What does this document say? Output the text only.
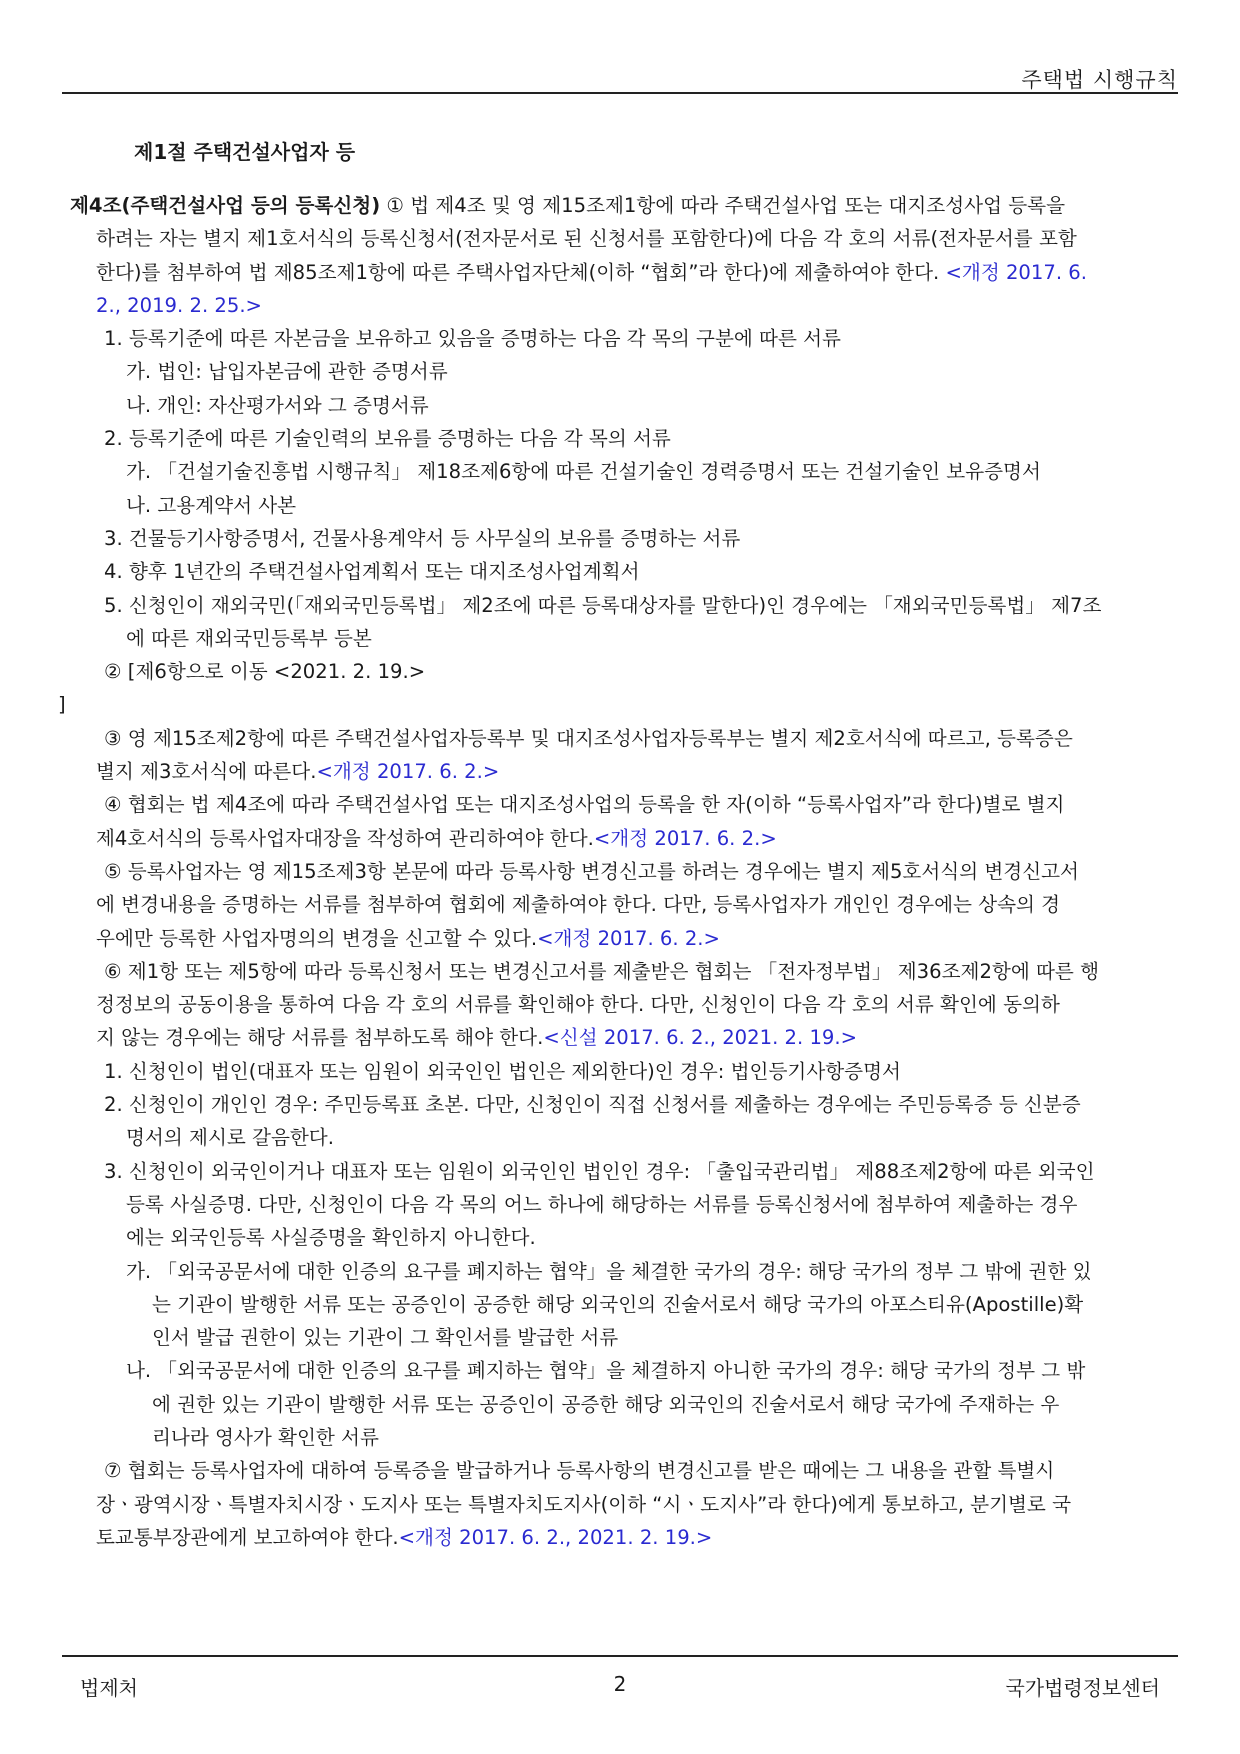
주택법 시행규칙
제1절 주택건설사업자 등
제4조(주택건설사업 등의 등록신청) ① 법 제4조 및 영 제15조제1항에 따라 주택건설사업 또는 대지조성사업 등록을
하려는 자는 별지 제1호서식의 등록신청서(전자문서로 된 신청서를 포함한다)에 다음 각 호의 서류(전자문서를 포함
한다)를 첨부하여 법 제85조제1항에 따른 주택사업자단체(이하 “협회”라 한다)에 제출하여야 한다. <개정 2017. 6.
2., 2019. 2. 25.>
1. 등록기준에 따른 자본금을 보유하고 있음을 증명하는 다음 각 목의 구분에 따른 서류
가. 법인: 납입자본금에 관한 증명서류
나. 개인: 자산평가서와 그 증명서류
2. 등록기준에 따른 기술인력의 보유를 증명하는 다음 각 목의 서류
가. 「건설기술진흥법 시행규칙」 제18조제6항에 따른 건설기술인 경력증명서 또는 건설기술인 보유증명서
나. 고용계약서 사본
3. 건물등기사항증명서, 건물사용계약서 등 사무실의 보유를 증명하는 서류
4. 향후 1년간의 주택건설사업계획서 또는 대지조성사업계획서
5. 신청인이 재외국민(「재외국민등록법」 제2조에 따른 등록대상자를 말한다)인 경우에는 「재외국민등록법」 제7조
에 따른 재외국민등록부 등본
② [제6항으로 이동 <2021. 2. 19.>
]
③ 영 제15조제2항에 따른 주택건설사업자등록부 및 대지조성사업자등록부는 별지 제2호서식에 따르고, 등록증은
별지 제3호서식에 따른다.<개정 2017. 6. 2.>
④ 협회는 법 제4조에 따라 주택건설사업 또는 대지조성사업의 등록을 한 자(이하 “등록사업자”라 한다)별로 별지
제4호서식의 등록사업자대장을 작성하여 관리하여야 한다.<개정 2017. 6. 2.>
⑤ 등록사업자는 영 제15조제3항 본문에 따라 등록사항 변경신고를 하려는 경우에는 별지 제5호서식의 변경신고서
에 변경내용을 증명하는 서류를 첨부하여 협회에 제출하여야 한다. 다만, 등록사업자가 개인인 경우에는 상속의 경
우에만 등록한 사업자명의의 변경을 신고할 수 있다.<개정 2017. 6. 2.>
⑥ 제1항 또는 제5항에 따라 등록신청서 또는 변경신고서를 제출받은 협회는 「전자정부법」 제36조제2항에 따른 행
정정보의 공동이용을 통하여 다음 각 호의 서류를 확인해야 한다. 다만, 신청인이 다음 각 호의 서류 확인에 동의하
지 않는 경우에는 해당 서류를 첨부하도록 해야 한다.<신설 2017. 6. 2., 2021. 2. 19.>
1. 신청인이 법인(대표자 또는 임원이 외국인인 법인은 제외한다)인 경우: 법인등기사항증명서
2. 신청인이 개인인 경우: 주민등록표 초본. 다만, 신청인이 직접 신청서를 제출하는 경우에는 주민등록증 등 신분증
명서의 제시로 갈음한다.
3. 신청인이 외국인이거나 대표자 또는 임원이 외국인인 법인인 경우: 「출입국관리법」 제88조제2항에 따른 외국인
등록 사실증명. 다만, 신청인이 다음 각 목의 어느 하나에 해당하는 서류를 등록신청서에 첨부하여 제출하는 경우
에는 외국인등록 사실증명을 확인하지 아니한다.
가. 「외국공문서에 대한 인증의 요구를 폐지하는 협약」을 체결한 국가의 경우: 해당 국가의 정부 그 밖에 권한 있
는 기관이 발행한 서류 또는 공증인이 공증한 해당 외국인의 진술서로서 해당 국가의 아포스티유(Apostille)확
인서 발급 권한이 있는 기관이 그 확인서를 발급한 서류
나. 「외국공문서에 대한 인증의 요구를 폐지하는 협약」을 체결하지 아니한 국가의 경우: 해당 국가의 정부 그 밖
에 권한 있는 기관이 발행한 서류 또는 공증인이 공증한 해당 외국인의 진술서로서 해당 국가에 주재하는 우
리나라 영사가 확인한 서류
⑦ 협회는 등록사업자에 대하여 등록증을 발급하거나 등록사항의 변경신고를 받은 때에는 그 내용을 관할 특별시
장ㆍ광역시장ㆍ특별자치시장ㆍ도지사 또는 특별자치도지사(이하 “시ㆍ도지사”라 한다)에게 통보하고, 분기별로 국
토교통부장관에게 보고하여야 한다.<개정 2017. 6. 2., 2021. 2. 19.>
법제처	2	국가법령정보센터
